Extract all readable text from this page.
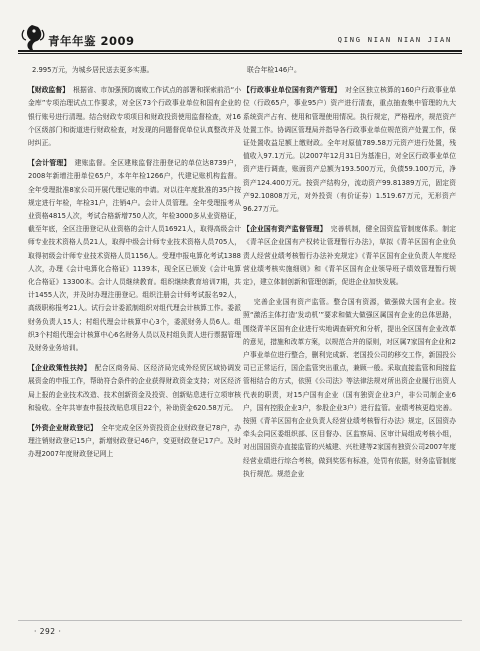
青年年鉴 2009	QING NIAN NIAN JIAN

2.995万元，为城乡居民送去更多实惠。

【财政监督】 根据省、市加强预防腐败工作试点的部署和探索前沿“小金库”专项治理试点工作要求，对全区73个行政事业单位和国有企业的银行账号进行清理。结合财政专项项目和财政投资使用监督检查，对16个区级部门和街道进行财政检查，对发现的问题督促单位认真整改并及时纠正。

【会计管理】 建账监督。全区建账监督注册登记的单位达8739户，2008年新增注册单位65户，本年年检1266户，代建记账机构监督。全年受理批准8家公司开展代理记账的申请。对以往年度批准的35户按规定进行年检，年检31户，注销4户。会计人员管理。全年受理报考从业资格4815人次，考试合格新增750人次，年检3000多从业资格证，截至年底，全区注册登记从业资格的会计人员16921人，取得高级会计师专业技术资格人员21人，取得中级会计师专业技术资格人员705人，取得初级会计师专业技术资格人员1156人。受理申报电算化考试1388人次，办理《会计电算化合格证》1139本，现全区已颁发《会计电算化合格证》13300本。会计人员继续教育。组织继续教育培训7期，共计1455人次，并及时办理注册登记。组织注册会计师考试报名92人，高级职称报考21人。试行会计委派制组织对组代理会计核算工作。委派财务负责人15人；村组代理会计核算中心3个，委派财务人员6人。组织3个村组代理会计核算中心6名财务人员以及村组负责人进行票据管理及财务业务培训。

【企业政策性扶持】 配合区商务局、区经济局完成外经贸区域协调发展资金的申报工作，帮助符合条件的企业获得财政资金支持；对区经济局上报的企业技术改造、技术创新资金及投资、创新贴息进行立项审核和验收。全年共审查申报技改贴息项目22个，补助资金620.58万元。

【外资企业财政登记】 全年完成全区外资投资企业财政登记78户，办理注销财政登记15户，新增财政登记46户，变更财政登记17户。及时办理2007年度财政登记网上

联合年检146户。

【行政事业单位国有资产管理】 对全区独立核算的160户行政事业单位（行政65户，事业95户）资产进行清查，重点抽查集中管理的九大系统资产占有、使用和管理使用情况。执行规定，严格程序，规范资产处置工作。协调区管理局并指导各行政事业单位规范资产处置工作，保证处置收益足额上缴财政。全年对原值789.58万元资产进行处置，残值收入97.1万元。以2007年12月31日为基准日，对全区行政事业单位资产进行调查，账面资产总额为193.500万元，负债59.100万元，净资产124.400万元。按资产结构分，流动资产99.81389万元，固定资产92.10808万元，对外投资（有价证券）1.519.67万元，无形资产96.27万元。

【企业国有资产监督管理】 完善机制，健全国资监管制度体系。制定《青羊区企业国有产权转让管理暂行办法》，草拟《青羊区国有企业负责人经营业绩考核暂行办法补充规定》《青羊区国有企业负责人年度经营业绩考核实施细则》和《青羊区国有企业领导班子绩效管理暂行规定》，建立体制创新和管理创新，促进企业加快发展。

完善企业国有资产监管。整合国有资源，做强做大国有企业。按照“激活主体打造‘发动机’”要求和做大做强区属国有企业的总体思路，围绕青羊区国有企业进行实地调查研究和分析，提出全区国有企业改革的意见，措施和改革方案，以规范合并的原则，对区属7家国有企业和2户事业单位进行整合，删利完成新、老国投公司的移交工作，新国投公司已正常运行，国企监管突出重点，兼顾一般。采取直接监管和间接监管相结合的方式，依照《公司法》等法律法规对所出资企业履行出资人代表的职责，对15户国有企业（国有独资企业3户，非公司制企业6户，国有控股企业3户，参股企业3户）进行监管。业绩考核更趋完善。按照《青羊区国有企业负责人经营业绩考核暂行办法》规定，区国资办牵头会同区委组织部、区目督办、区监察局、区审计局组成考核小组，对出国国资办直接监管的兴城建、兴杜建等2家国有独资公司2007年度经营业绩进行综合考核，做到奖惩有标准，处罚有依据，财务监管制度执行规范。规范企业

· 292 ·
